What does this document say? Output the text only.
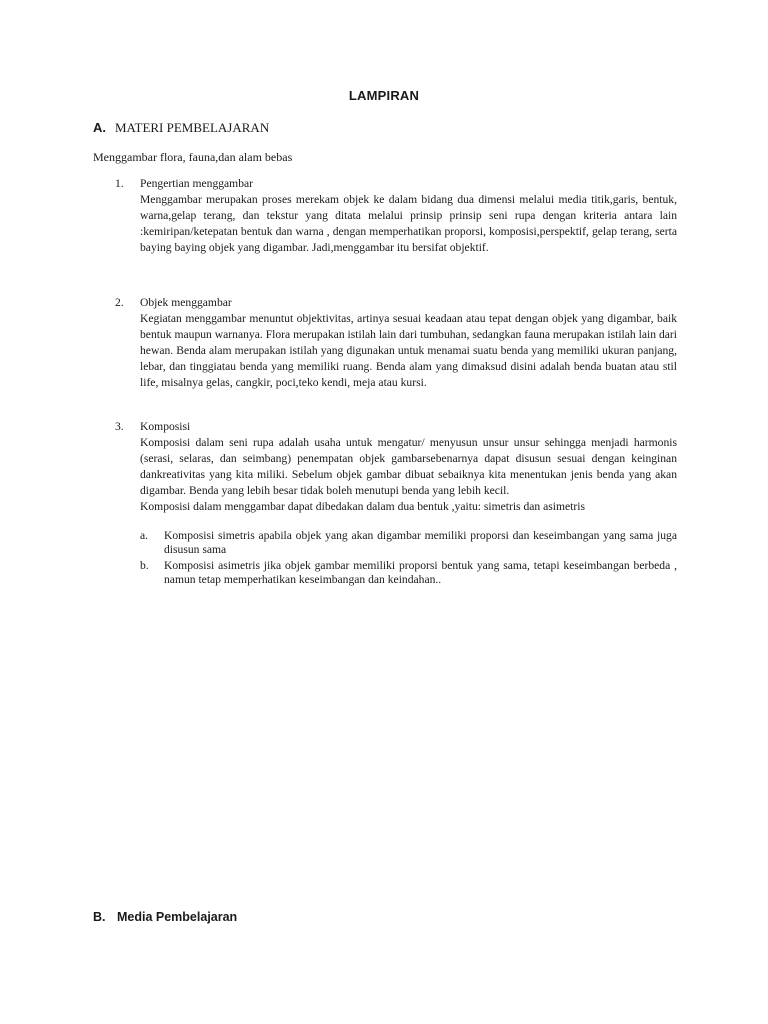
LAMPIRAN
A. MATERI PEMBELAJARAN
Menggambar flora, fauna,dan alam bebas
1. Pengertian menggambar
Menggambar merupakan proses merekam objek ke dalam bidang dua dimensi melalui media titik,garis, bentuk, warna,gelap terang, dan tekstur yang ditata melalui prinsip prinsip seni rupa dengan kriteria antara lain :kemiripan/ketepatan bentuk dan warna , dengan memperhatikan proporsi, komposisi,perspektif, gelap terang, serta baying baying objek yang digambar. Jadi,menggambar itu bersifat objektif.
2. Objek menggambar
Kegiatan menggambar menuntut objektivitas, artinya sesuai keadaan atau tepat dengan objek yang digambar, baik bentuk maupun warnanya. Flora merupakan istilah lain dari tumbuhan, sedangkan fauna merupakan istilah lain dari hewan. Benda alam merupakan istilah yang digunakan untuk menamai suatu benda yang memiliki ukuran panjang, lebar, dan tinggiatau benda yang memiliki ruang. Benda alam yang dimaksud disini adalah benda buatan atau stil life, misalnya gelas, cangkir, poci,teko kendi, meja atau kursi.
3. Komposisi

Komposisi dalam seni rupa adalah usaha untuk mengatur/ menyusun unsur unsur sehingga menjadi harmonis (serasi, selaras, dan seimbang) penempatan objek gambarsebenarnya dapat disusun sesuai dengan keinginan dankreativitas yang kita miliki. Sebelum objek gambar dibuat sebaiknya kita menentukan jenis benda yang akan digambar. Benda yang lebih besar tidak boleh menutupi benda yang lebih kecil.

Komposisi dalam menggambar dapat dibedakan dalam dua bentuk ,yaitu: simetris dan asimetris

a. Komposisi simetris apabila objek yang akan digambar memiliki proporsi dan keseimbangan yang sama juga disusun sama
b. Komposisi asimetris jika objek gambar memiliki proporsi bentuk yang sama, tetapi keseimbangan berbeda , namun tetap memperhatikan keseimbangan dan keindahan..
B. Media Pembelajaran
